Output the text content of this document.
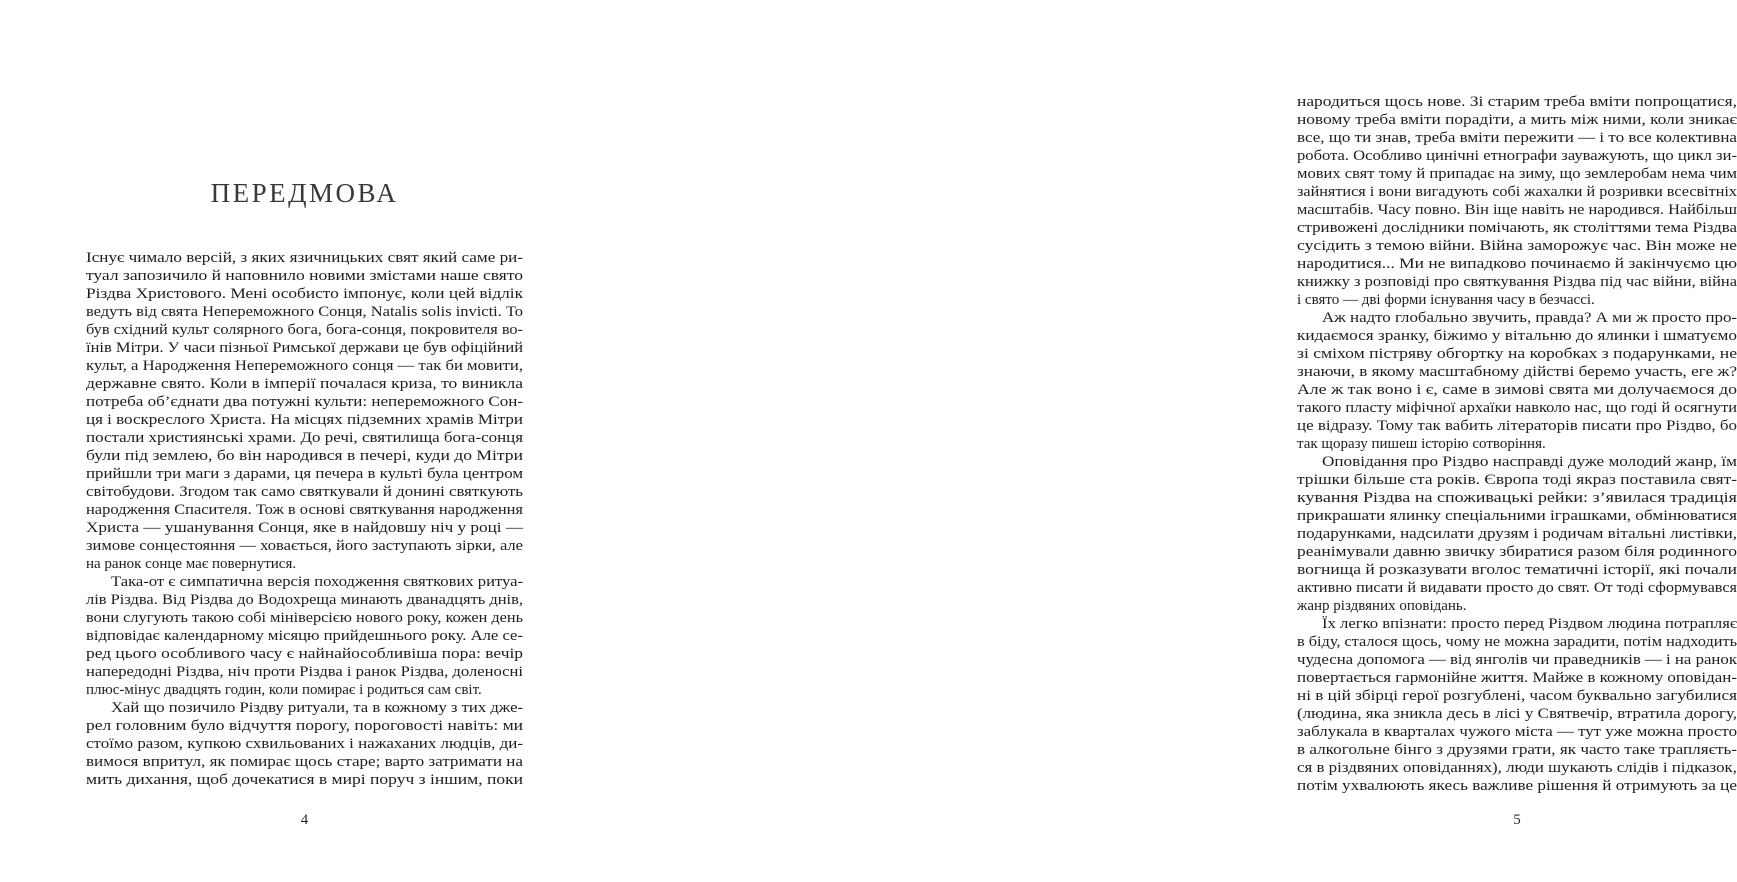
ПЕРЕДМОВА
Існує чимало версій, з яких язичницьких свят який саме ри-
туал запозичило й наповнило новими змістами наше свято
Різдва Христового. Мені особисто імпонує, коли цей відлік
ведуть від свята Непереможного Сонця, Natalis solis invicti. То
був східний культ солярного бога, бога-сонця, покровителя во-
їнів Мітри. У часи пізньої Римської держави це був офіційний
культ, а Народження Непереможного сонця — так би мовити,
державне свято. Коли в імперії почалася криза, то виникла
потреба об’єднати два потужні культи: непереможного Сон-
ця і воскреслого Христа. На місцях підземних храмів Мітри
постали християнські храми. До речі, святилища бога-сонця
були під землею, бо він народився в печері, куди до Мітри
прийшли три маги з дарами, ця печера в культі була центром
світобудови. Згодом так само святкували й донині святкують
народження Спасителя. Тож в основі святкування народження
Христа — ушанування Сонця, яке в найдовшу ніч у році —
зимове сонцестояння — ховається, його заступають зірки, але
на ранок сонце має повернутися.
Така-от є симпатична версія походження святкових ритуа-
лів Різдва. Від Різдва до Водохреща минають дванадцять днів,
вони слугують такою собі мініверсією нового року, кожен день
відповідає календарному місяцю прийдешнього року. Але се-
ред цього особливого часу є найнайособливіша пора: вечір
напередодні Різдва, ніч проти Різдва і ранок Різдва, доленосні
плюс-мінус двадцять годин, коли помирає і родиться сам світ.
Хай що позичило Різдву ритуали, та в кожному з тих дже-
рел головним було відчуття порогу, пороговості навіть: ми
стоїмо разом, купкою схвильованих і нажаханих людців, ди-
вимося впритул, як помирає щось старе; варто затримати на
мить дихання, щоб дочекатися в мирі поруч з іншим, поки
4
народиться щось нове. Зі старим треба вміти попрощатися,
новому треба вміти порадіти, а мить між ними, коли зникає
все, що ти знав, треба вміти пережити — і то все колективна
робота. Особливо цинічні етнографи зауважують, що цикл зи-
мових свят тому й припадає на зиму, що землеробам нема чим
зайнятися і вони вигадують собі жахалки й розривки всесвітніх
масштабів. Часу повно. Він іще навіть не народився. Найбільш
стривожені дослідники помічають, як століттями тема Різдва
сусідить з темою війни. Війна заморожує час. Він може не
народитися... Ми не випадково починаємо й закінчуємо цю
книжку з розповіді про святкування Різдва під час війни, війна
і свято — дві форми існування часу в безчассі.
Аж надто глобально звучить, правда? А ми ж просто про-
кидаємося зранку, біжимо у вітальню до ялинки і шматуємо
зі сміхом пістряву обгортку на коробках з подарунками, не
знаючи, в якому масштабному дійстві беремо участь, еге ж?
Але ж так воно і є, саме в зимові свята ми долучаємося до
такого пласту міфічної архаїки навколо нас, що годі й осягнути
це відразу. Тому так вабить літераторів писати про Різдво, бо
так щоразу пишеш історію сотворіння.
Оповідання про Різдво насправді дуже молодий жанр, їм
трішки більше ста років. Європа тоді якраз поставила свят-
кування Різдва на споживацькі рейки: з’явилася традиція
прикрашати ялинку спеціальними іграшками, обмінюватися
подарунками, надсилати друзям і родичам вітальні листівки,
реанімували давню звичку збиратися разом біля родинного
вогнища й розказувати вголос тематичні історії, які почали
активно писати й видавати просто до свят. От тоді сформувався
жанр різдвяних оповідань.
Їх легко впізнати: просто перед Різдвом людина потрапляє
в біду, сталося щось, чому не можна зарадити, потім надходить
чудесна допомога — від янголів чи праведників — і на ранок
повертається гармонійне життя. Майже в кожному оповідан-
ні в цій збірці герої розгублені, часом буквально загубилися
(людина, яка зникла десь в лісі у Святвечір, втратила дорогу,
заблукала в кварталах чужого міста — тут уже можна просто
в алкогольне бінго з друзями грати, як часто таке трапляєть-
ся в різдвяних оповіданнях), люди шукають слідів і підказок,
потім ухвалюють якесь важливе рішення й отримують за це
5
